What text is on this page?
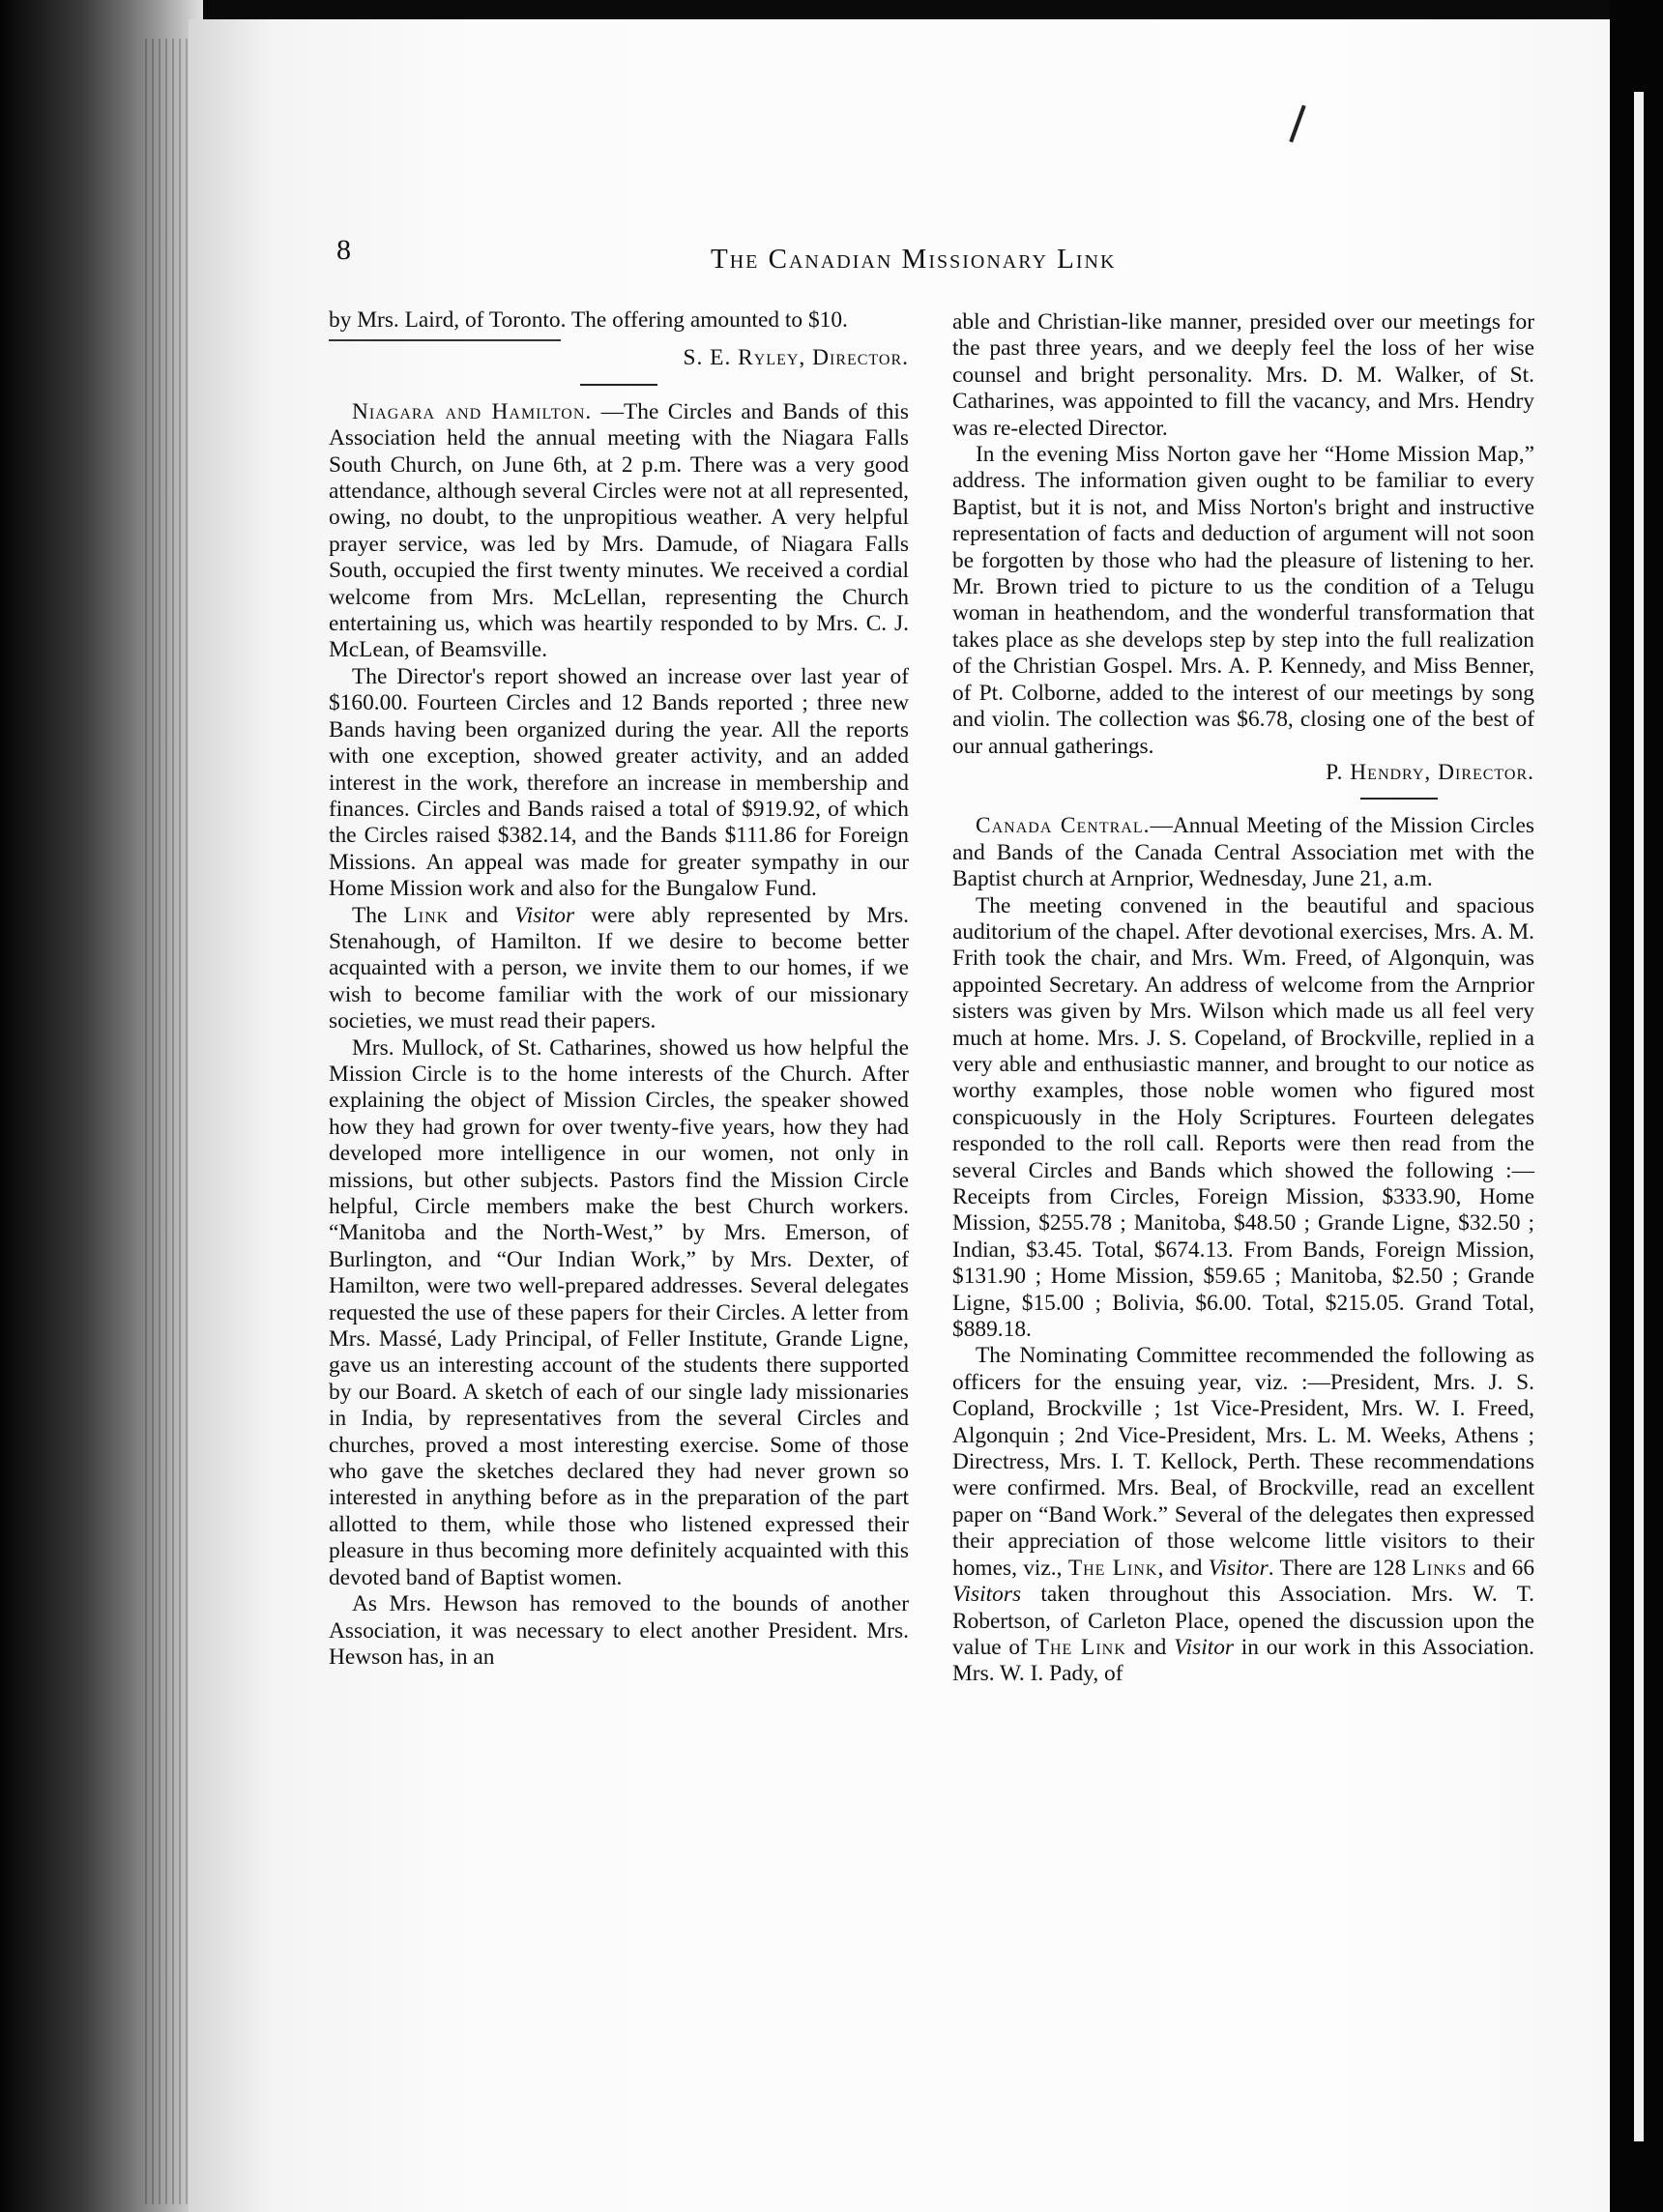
8	The Canadian Missionary Link

by Mrs. Laird, of Toronto. The offering amounted to $10.

S. E. Ryley, Director.

Niagara and Hamilton. —The Circles and Bands of this Association held the annual meeting with the Niagara Falls South Church, on June 6th, at 2 p.m. There was a very good attendance, although several Circles were not at all represented, owing, no doubt, to the unpropitious weather. A very helpful prayer service, was led by Mrs. Damude, of Niagara Falls South, occupied the first twenty minutes. We received a cordial welcome from Mrs. McLellan, representing the Church entertaining us, which was heartily responded to by Mrs. C. J. McLean, of Beamsville.

The Director's report showed an increase over last year of $160.00. Fourteen Circles and 12 Bands reported ; three new Bands having been organized during the year. All the reports with one exception, showed greater activity, and an added interest in the work, therefore an increase in membership and finances. Circles and Bands raised a total of $919.92, of which the Circles raised $382.14, and the Bands $111.86 for Foreign Missions. An appeal was made for greater sympathy in our Home Mission work and also for the Bungalow Fund.

The Link and Visitor were ably represented by Mrs. Stenahough, of Hamilton. If we desire to become better acquainted with a person, we invite them to our homes, if we wish to become familiar with the work of our missionary societies, we must read their papers.

Mrs. Mullock, of St. Catharines, showed us how helpful the Mission Circle is to the home interests of the Church. After explaining the object of Mission Circles, the speaker showed how they had grown for over twenty-five years, how they had developed more intelligence in our women, not only in missions, but other subjects. Pastors find the Mission Circle helpful, Circle members make the best Church workers. “Manitoba and the North-West,” by Mrs. Emerson, of Burlington, and “Our Indian Work,” by Mrs. Dexter, of Hamilton, were two well-prepared addresses. Several delegates requested the use of these papers for their Circles. A letter from Mrs. Massé, Lady Principal, of Feller Institute, Grande Ligne, gave us an interesting account of the students there supported by our Board. A sketch of each of our single lady missionaries in India, by representatives from the several Circles and churches, proved a most interesting exercise. Some of those who gave the sketches declared they had never grown so interested in anything before as in the preparation of the part allotted to them, while those who listened expressed their pleasure in thus becoming more definitely acquainted with this devoted band of Baptist women.

As Mrs. Hewson has removed to the bounds of another Association, it was necessary to elect another President. Mrs. Hewson has, in an

able and Christian-like manner, presided over our meetings for the past three years, and we deeply feel the loss of her wise counsel and bright personality. Mrs. D. M. Walker, of St. Catharines, was appointed to fill the vacancy, and Mrs. Hendry was re-elected Director.

In the evening Miss Norton gave her “Home Mission Map,” address. The information given ought to be familiar to every Baptist, but it is not, and Miss Norton's bright and instructive representation of facts and deduction of argument will not soon be forgotten by those who had the pleasure of listening to her. Mr. Brown tried to picture to us the condition of a Telugu woman in heathendom, and the wonderful transformation that takes place as she develops step by step into the full realization of the Christian Gospel. Mrs. A. P. Kennedy, and Miss Benner, of Pt. Colborne, added to the interest of our meetings by song and violin. The collection was $6.78, closing one of the best of our annual gatherings.

P. Hendry, Director.

Canada Central.—Annual Meeting of the Mission Circles and Bands of the Canada Central Association met with the Baptist church at Arnprior, Wednesday, June 21, a.m.

The meeting convened in the beautiful and spacious auditorium of the chapel. After devotional exercises, Mrs. A. M. Frith took the chair, and Mrs. Wm. Freed, of Algonquin, was appointed Secretary. An address of welcome from the Arnprior sisters was given by Mrs. Wilson which made us all feel very much at home. Mrs. J. S. Copeland, of Brockville, replied in a very able and enthusiastic manner, and brought to our notice as worthy examples, those noble women who figured most conspicuously in the Holy Scriptures. Fourteen delegates responded to the roll call. Reports were then read from the several Circles and Bands which showed the following :—Receipts from Circles, Foreign Mission, $333.90, Home Mission, $255.78 ; Manitoba, $48.50 ; Grande Ligne, $32.50 ; Indian, $3.45. Total, $674.13. From Bands, Foreign Mission, $131.90 ; Home Mission, $59.65 ; Manitoba, $2.50 ; Grande Ligne, $15.00 ; Bolivia, $6.00. Total, $215.05. Grand Total, $889.18.

The Nominating Committee recommended the following as officers for the ensuing year, viz. :—President, Mrs. J. S. Copland, Brockville ; 1st Vice-President, Mrs. W. I. Freed, Algonquin ; 2nd Vice-President, Mrs. L. M. Weeks, Athens ; Directress, Mrs. I. T. Kellock, Perth. These recommendations were confirmed. Mrs. Beal, of Brockville, read an excellent paper on “Band Work.” Several of the delegates then expressed their appreciation of those welcome little visitors to their homes, viz., The Link, and Visitor. There are 128 Links and 66 Visitors taken throughout this Association. Mrs. W. T. Robertson, of Carleton Place, opened the discussion upon the value of The Link and Visitor in our work in this Association. Mrs. W. I. Pady, of
